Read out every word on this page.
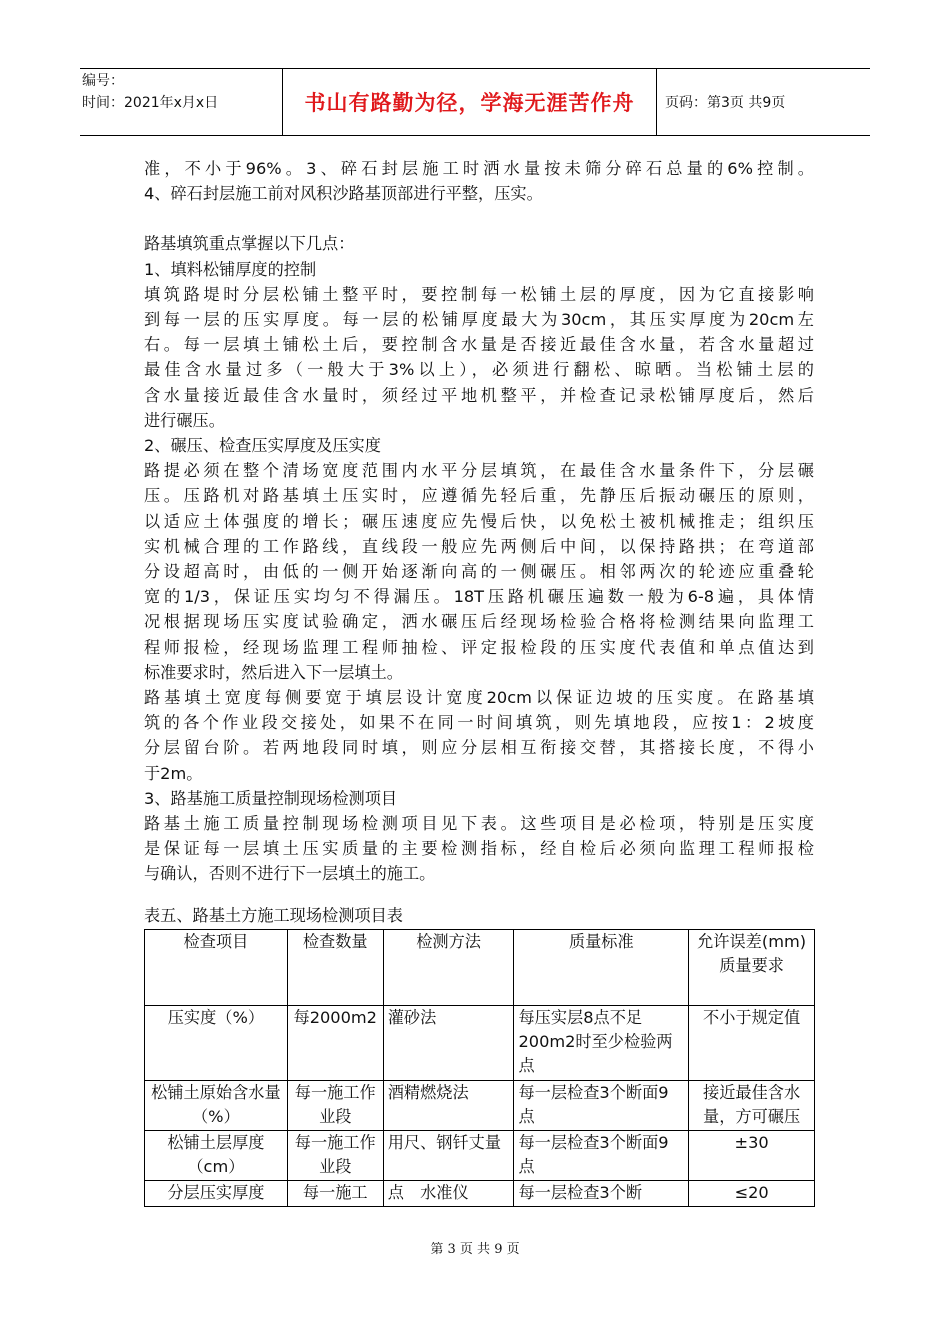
编号：
时间：2021年x月x日	书山有路勤为径，学海无涯苦作舟	页码：第3页 共9页

准，不小于96%。3、碎石封层施工时洒水量按未筛分碎石总量的6%控制。

4、碎石封层施工前对风积沙路基顶部进行平整，压实。

路基填筑重点掌握以下几点：

1、填料松铺厚度的控制

填筑路堤时分层松铺土整平时，要控制每一松铺土层的厚度，因为它直接影响

到每一层的压实厚度。每一层的松铺厚度最大为30cm，其压实厚度为20cm左

右。每一层填土铺松土后，要控制含水量是否接近最佳含水量，若含水量超过

最佳含水量过多（一般大于3%以上），必须进行翻松、晾晒。当松铺土层的

含水量接近最佳含水量时，须经过平地机整平，并检查记录松铺厚度后，然后

进行碾压。

2、碾压、检查压实厚度及压实度

路提必须在整个清场宽度范围内水平分层填筑，在最佳含水量条件下，分层碾

压。压路机对路基填土压实时，应遵循先轻后重，先静压后振动碾压的原则，

以适应土体强度的增长；碾压速度应先慢后快，以免松土被机械推走；组织压

实机械合理的工作路线，直线段一般应先两侧后中间，以保持路拱；在弯道部

分设超高时，由低的一侧开始逐渐向高的一侧碾压。相邻两次的轮迹应重叠轮

宽的1/3，保证压实均匀不得漏压。18T压路机碾压遍数一般为6-8遍，具体情

况根据现场压实度试验确定，洒水碾压后经现场检验合格将检测结果向监理工

程师报检，经现场监理工程师抽检、评定报检段的压实度代表值和单点值达到

标准要求时，然后进入下一层填土。

路基填土宽度每侧要宽于填层设计宽度20cm以保证边坡的压实度。在路基填

筑的各个作业段交接处，如果不在同一时间填筑，则先填地段，应按1：2坡度

分层留台阶。若两地段同时填，则应分层相互衔接交替，其搭接长度，不得小

于2m。

3、路基施工质量控制现场检测项目

路基土施工质量控制现场检测项目见下表。这些项目是必检项，特别是压实度

是保证每一层填土压实质量的主要检测指标，经自检后必须向监理工程师报检

与确认，否则不进行下一层填土的施工。

表五、路基土方施工现场检测项目表
检查项目	检查数量	检测方法	质量标准	允许误差(mm) 质量要求
压实度（%）	每2000m2	灌砂法	每压实层8点不足200m2时至少检验两点	不小于规定值
松铺土原始含水量（%）	每一施工作业段	酒精燃烧法	每一层检查3个断面9点	接近最佳含水量，方可碾压
松铺土层厚度（cm）	每一施工作业段	用尺、钢钎丈量	每一层检查3个断面9点	±30
分层压实厚度	每一施工	点　水准仪	每一层检查3个断	≤20
第 3 页 共 9 页
